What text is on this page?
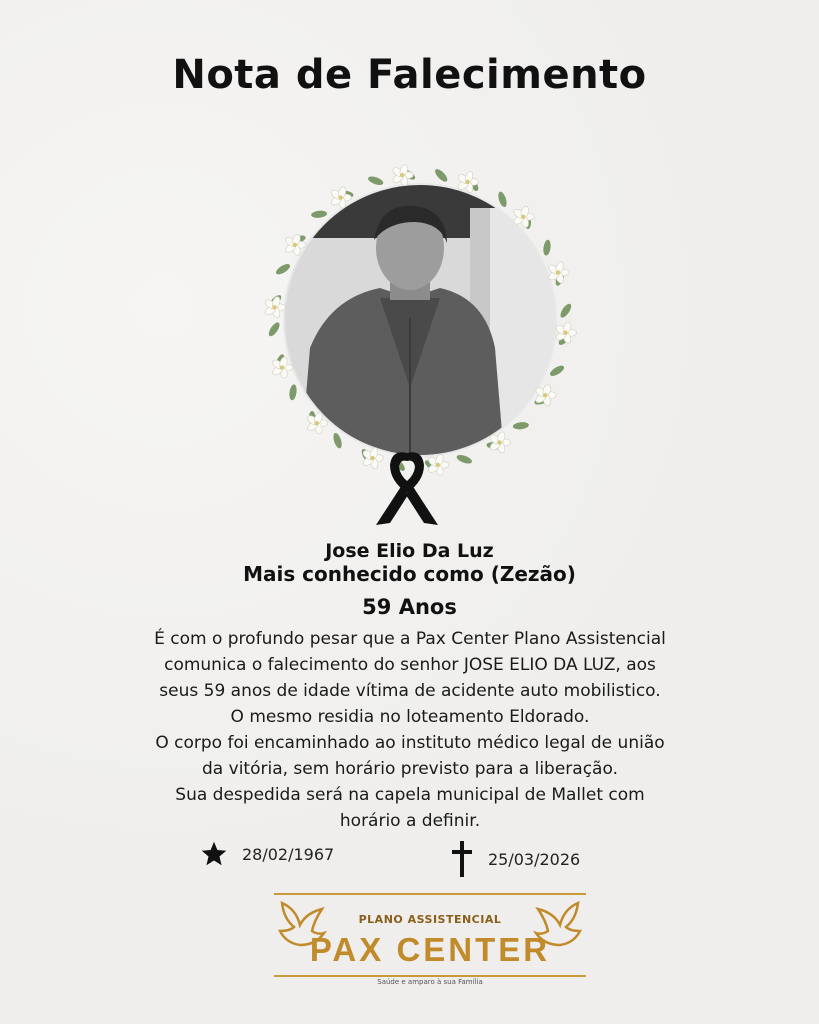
Nota de Falecimento
Jose Elio Da Luz
Mais conhecido como (Zezão)
59 Anos
É com o profundo pesar que a Pax Center Plano Assistencial
comunica o falecimento do senhor JOSE ELIO DA LUZ, aos
seus 59 anos de idade vítima de acidente auto mobilistico.
O mesmo residia no loteamento Eldorado.
O corpo foi encaminhado ao instituto médico legal de união
da vitória, sem horário previsto para a liberação.
Sua despedida será na capela municipal de Mallet com
horário a definir.
28/02/1967	25/03/2026
PLANO ASSISTENCIAL
PAX CENTER
Saúde e amparo à sua Família
